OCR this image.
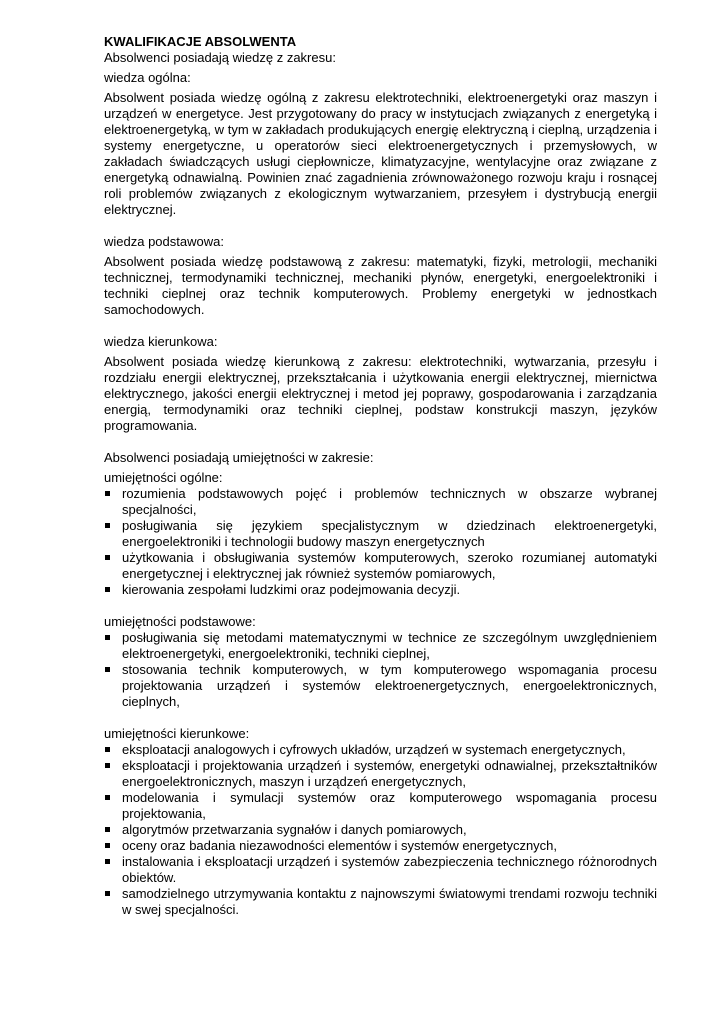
KWALIFIKACJE ABSOLWENTA

Absolwenci posiadają wiedzę z zakresu:

wiedza ogólna:

Absolwent posiada wiedzę ogólną z zakresu elektrotechniki, elektroenergetyki oraz maszyn i urządzeń w energetyce. Jest przygotowany do pracy w instytucjach związanych z energetyką i elektroenergetyką, w tym w zakładach produkujących energię elektryczną i cieplną, urządzenia i systemy energetyczne, u operatorów sieci elektroenergetycznych i przemysłowych, w zakładach świadczących usługi ciepłownicze, klimatyzacyjne, wentylacyjne oraz związane z energetyką odnawialną. Powinien znać zagadnienia zrównoważonego rozwoju kraju i rosnącej roli problemów związanych z ekologicznym wytwarzaniem, przesyłem i dystrybucją energii elektrycznej.

wiedza podstawowa:

Absolwent posiada wiedzę podstawową z zakresu: matematyki, fizyki, metrologii, mechaniki technicznej, termodynamiki technicznej, mechaniki płynów, energetyki, energoelektroniki i techniki cieplnej oraz technik komputerowych. Problemy energetyki w jednostkach samochodowych.

wiedza kierunkowa:

Absolwent posiada wiedzę kierunkową z zakresu: elektrotechniki, wytwarzania, przesyłu i rozdziału energii elektrycznej, przekształcania i użytkowania energii elektrycznej, miernictwa elektrycznego, jakości energii elektrycznej i metod jej poprawy, gospodarowania i zarządzania energią, termodynamiki oraz techniki cieplnej, podstaw konstrukcji maszyn, języków programowania.

Absolwenci posiadają umiejętności w zakresie:

umiejętności ogólne:

rozumienia podstawowych pojęć i problemów technicznych w obszarze wybranej specjalności,
posługiwania się językiem specjalistycznym w dziedzinach elektroenergetyki, energoelektroniki i technologii budowy maszyn energetycznych
użytkowania i obsługiwania systemów komputerowych, szeroko rozumianej automatyki energetycznej i elektrycznej jak również systemów pomiarowych,
kierowania zespołami ludzkimi oraz podejmowania decyzji.

umiejętności podstawowe:

posługiwania się metodami matematycznymi w technice ze szczególnym uwzględnieniem elektroenergetyki, energoelektroniki, techniki cieplnej,
stosowania technik komputerowych, w tym komputerowego wspomagania procesu projektowania urządzeń i systemów elektroenergetycznych, energoelektronicznych, cieplnych,

umiejętności kierunkowe:

eksploatacji analogowych i cyfrowych układów, urządzeń w systemach energetycznych,
eksploatacji i projektowania urządzeń i systemów, energetyki odnawialnej, przekształtników energoelektronicznych, maszyn i urządzeń energetycznych,
modelowania i symulacji systemów oraz komputerowego wspomagania procesu projektowania,
algorytmów przetwarzania sygnałów i danych pomiarowych,
oceny oraz badania niezawodności elementów i systemów energetycznych,
instalowania i eksploatacji urządzeń i systemów zabezpieczenia technicznego różnorodnych obiektów.
samodzielnego utrzymywania kontaktu z najnowszymi światowymi trendami rozwoju techniki w swej specjalności.
